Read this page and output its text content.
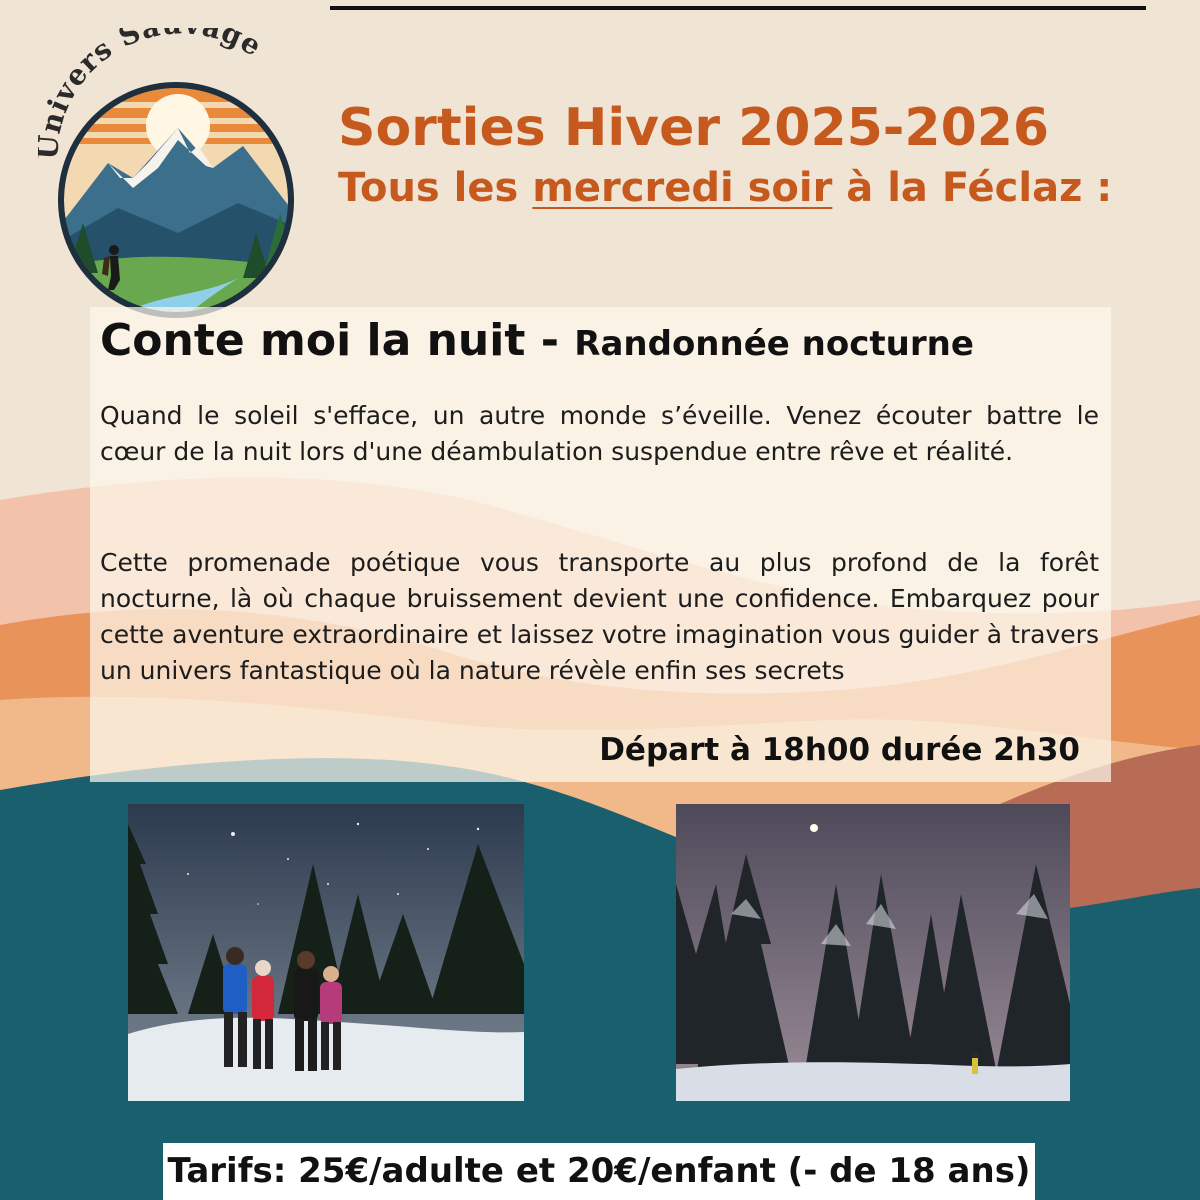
ivers S ge
Sorties Hiver 2025-2026
Tous les mercredi soir à la Féclaz :
Conte moi la nuit - Randonnée nocturne

Quand le soleil s'efface, un autre monde s’éveille. Venez écouter battre le cœur de la nuit lors d'une déambulation suspendue entre rêve et réalité.

Cette promenade poétique vous transporte au plus profond de la forêt nocturne, là où chaque bruissement devient une confidence. Embarquez pour cette aventure extraordinaire et laissez votre imagination vous guider à travers un univers fantastique où la nature révèle enfin ses secrets

Départ à 18h00 durée 2h30
Tarifs: 25€/adulte et 20€/enfant (- de 18 ans)
